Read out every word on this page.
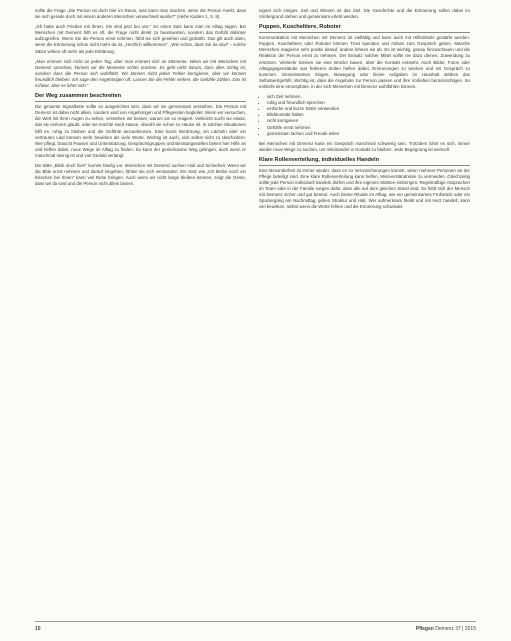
sollte die Frage „Die Person ist doch hier im Raum, was kann man machen, wenn die Person merkt, dass sie sich gerade doch mit einem anderen Menschen verwechselt wurde?“ (siehe Kasten 1, S. 9).

„Ich habe auch Frieden mit Ihnen, Sie sind jetzt bei uns.“ So einen Satz kann man im Alltag sagen. Bei Menschen mit Demenz hilft es oft, die Frage nicht direkt zu beantworten, sondern das Gefühl dahinter aufzugreifen. Wenn Sie die Person ernst nehmen, fühlt sie sich gesehen und gestärkt. Das gilt auch dann, wenn die Erinnerung schon nicht mehr da ist. „Herzlich willkommen“, „Wie schön, dass Sie da sind“ – solche Sätze wirken oft mehr als jede Erklärung.

„Man erinnert sich nicht an jeden Tag, aber man erinnert sich an Momente. Wenn wir mit Menschen mit Demenz sprechen, können wir die Momente schön machen. Es geht nicht darum, dass alles richtig ist, sondern dass die Person sich wohlfühlt. Wir können nicht jeden Fehler korrigieren, aber wir können freundlich bleiben. Ich sage den Angehörigen oft: Lassen Sie die Fehler stehen, die Gefühle zählen. Das ist schwer, aber es lohnt sich.“

Der Weg zusammen beschreiten

Die gesamte Signalkette sollte so ausgerichtet sein, dass wir sie gemeinsam verstehen. Die Person mit Demenz ist dabei nicht allein, sondern wird von Angehörigen und Pflegenden begleitet. Wenn wir versuchen, die Welt mit ihren Augen zu sehen, verstehen wir besser, warum sie so reagiert. Vielleicht sucht sie etwas, das sie verloren glaubt, oder sie möchte nach Hause, obwohl sie schon zu Hause ist. In solchen Situationen hilft es, ruhig zu bleiben und die Gefühle anzuerkennen. Eine kurze Berührung, ein Lächeln oder ein vertrautes Lied können mehr bewirken als viele Worte. Wichtig ist auch, sich selbst nicht zu überfordern. Wer pflegt, braucht Pausen und Unterstützung. Gesprächsgruppen und Beratungsstellen bieten hier Hilfe an und helfen dabei, neue Wege im Alltag zu finden. So kann der gemeinsame Weg gelingen, auch wenn er manchmal steinig ist und viel Geduld verlangt.

Die Bitte „Bleib doch hier!“ kommt häufig vor. Menschen mit Demenz suchen Halt und Sicherheit. Wenn wir die Bitte ernst nehmen und darauf eingehen, fühlen sie sich verstanden. Ein Satz wie „Ich bleibe noch ein bisschen bei Ihnen“ kann viel Ruhe bringen. Auch wenn wir nicht lange bleiben können, zeigt die Geste, dass wir da sind und die Person nicht allein lassen.

eignet sich einiges. Zeit und Wissen ist das Ziel. Die Geschichte und die Erinnerung sollen dabei im Vordergrund stehen und gemeinsam erlebt werden.

Puppen, Kuscheltiere, Roboter

Kommunikation mit Menschen mit Demenz ist vielfältig und kann auch mit Hilfsmitteln gestärkt werden. Puppen, Kuscheltiere oder Roboter können Trost spenden und Anlass zum Gespräch geben. Manche Menschen reagieren sehr positiv darauf, andere lehnen sie ab. Es ist wichtig, genau hinzuschauen und die Reaktion der Person ernst zu nehmen. Der Einsatz solcher Mittel sollte nie dazu dienen, Zuwendung zu ersetzen. Vielmehr können sie eine Brücke bauen, über die Kontakt entsteht. Auch Bilder, Fotos oder Alltagsgegenstände aus früheren Zeiten helfen dabei, Erinnerungen zu wecken und ins Gespräch zu kommen. Gemeinsames Singen, Bewegung oder kleine Aufgaben im Haushalt stärken das Selbstwertgefühl. Wichtig ist, dass die Angebote zur Person passen und ihre Vorlieben berücksichtigen. So entsteht eine Atmosphäre, in der sich Menschen mit Demenz wohlfühlen können.

• sich Zeit nehmen
• ruhig und freundlich sprechen
• einfache und kurze Sätze verwenden
• Blickkontakt halten
• nicht korrigieren
• Gefühle ernst nehmen
• gemeinsam lachen und Freude teilen

Bei Menschen mit Demenz kann ein Gespräch manchmal schwierig sein. Trotzdem lohnt es sich, immer wieder neue Wege zu suchen, um miteinander in Kontakt zu bleiben. Jede Begegnung ist wertvoll.

Klare Rollenverteilung, individuelles Handeln

Eine Besonderheit ist immer wieder, dass es zu Verunsicherungen kommt, wenn mehrere Personen an der Pflege beteiligt sind. Eine klare Rollenverteilung kann helfen, Missverständnisse zu vermeiden. Gleichzeitig sollte jede Person individuell handeln dürfen und ihre eigenen Stärken einbringen. Regelmäßige Absprachen im Team oder in der Familie sorgen dafür, dass alle auf dem gleichen Stand sind. So fühlt sich der Mensch mit Demenz sicher und gut betreut. Auch kleine Rituale im Alltag, wie ein gemeinsames Frühstück oder ein Spaziergang am Nachmittag, geben Struktur und Halt. Wer aufmerksam bleibt und mit Herz handelt, kann viel bewirken, selbst wenn die Worte fehlen und die Erinnerung schwindet.

10	Pflegen Demenz 37 | 2015
